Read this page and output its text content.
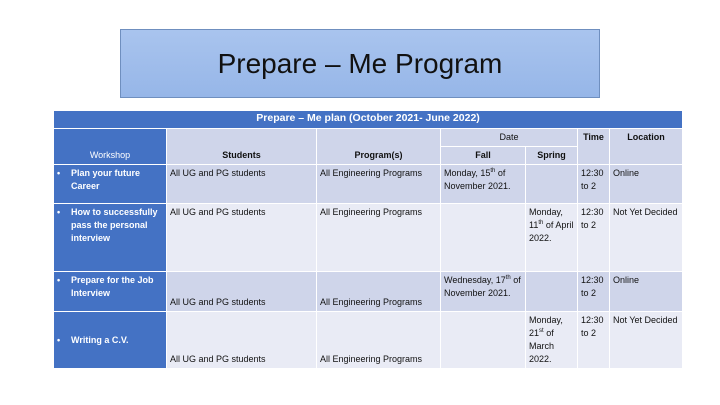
Prepare – Me Program
Prepare – Me plan (October 2021- June 2022)						
Workshop	Students	Program(s)	Date		Time	Location
			Fall	Spring		
• Plan your future Career	All UG and PG students	All Engineering Programs	Monday, 15th of November 2021.		12:30 to 2	Online
• How to successfully pass the personal interview	All UG and PG students	All Engineering Programs		Monday, 11th of April 2022.	12:30 to 2	Not Yet Decided
• Prepare for the Job Interview	All UG and PG students	All Engineering Programs	Wednesday, 17th of November 2021.		12:30 to 2	Online
• Writing a C.V.	All UG and PG students	All Engineering Programs		Monday, 21st of March 2022.	12:30 to 2	Not Yet Decided
